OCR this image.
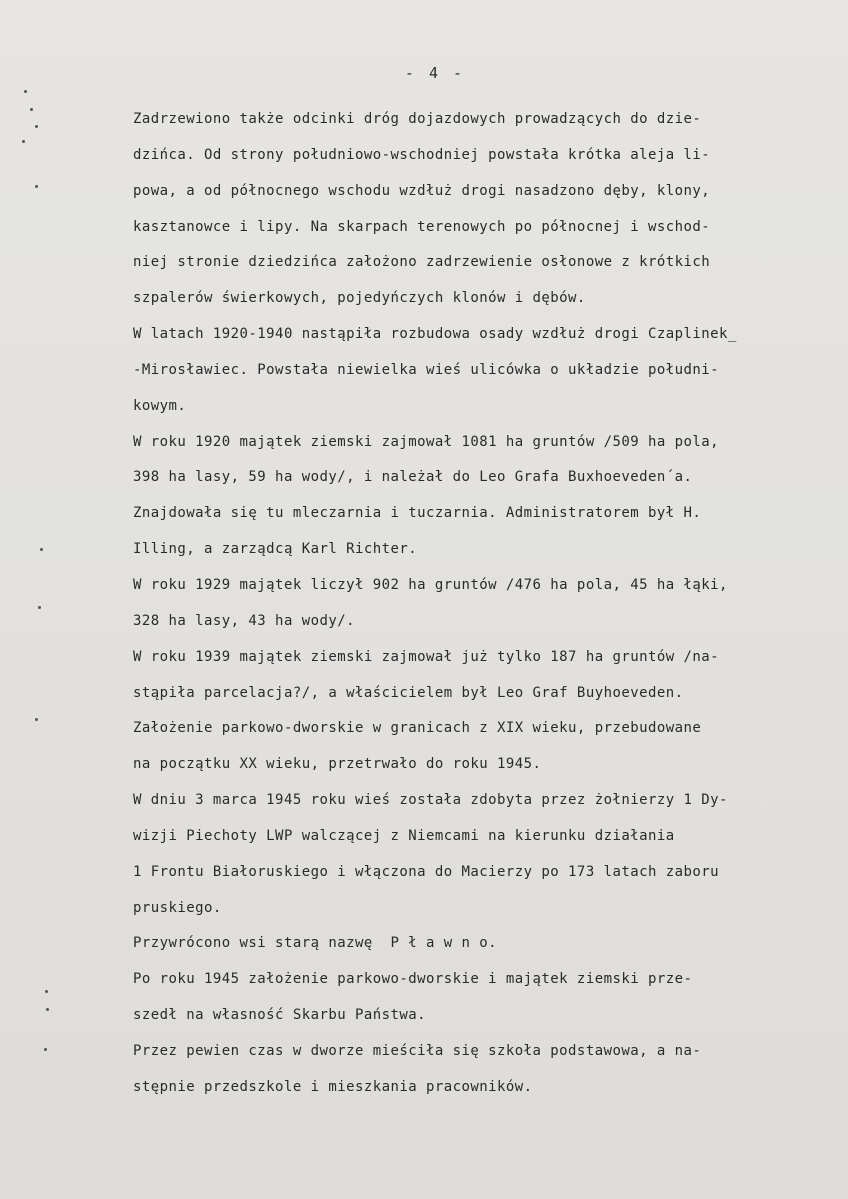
- 4 -
Zadrzewiono także odcinki dróg dojazdowych prowadzących do dzie-
dzińca. Od strony południowo-wschodniej powstała krótka aleja li-
powa, a od północnego wschodu wzdłuż drogi nasadzono dęby, klony,
kasztanowce i lipy. Na skarpach terenowych po północnej i wschod-
niej stronie dziedzińca założono zadrzewienie osłonowe z krótkich
szpalerów świerkowych, pojedyńczych klonów i dębów.
W latach 1920-1940 nastąpiła rozbudowa osady wzdłuż drogi Czaplinek_
-Mirosławiec. Powstała niewielka wieś ulicówka o układzie południ-
kowym.
W roku 1920 majątek ziemski zajmował 1081 ha gruntów /509 ha pola,
398 ha lasy, 59 ha wody/, i należał do Leo Grafa Buxhoeveden´a.
Znajdowała się tu mleczarnia i tuczarnia. Administratorem był H.
Illing, a zarządcą Karl Richter.
W roku 1929 majątek liczył 902 ha gruntów /476 ha pola, 45 ha łąki,
328 ha lasy, 43 ha wody/.
W roku 1939 majątek ziemski zajmował już tylko 187 ha gruntów /na-
stąpiła parcelacja?/, a właścicielem był Leo Graf Buyhoeveden.
Założenie parkowo-dworskie w granicach z XIX wieku, przebudowane
na początku XX wieku, przetrwało do roku 1945.
W dniu 3 marca 1945 roku wieś została zdobyta przez żołnierzy 1 Dy-
wizji Piechoty LWP walczącej z Niemcami na kierunku działania
1 Frontu Białoruskiego i włączona do Macierzy po 173 latach zaboru
pruskiego.
Przywrócono wsi starą nazwę  P ł a w n o.
Po roku 1945 założenie parkowo-dworskie i majątek ziemski prze-
szedł na własność Skarbu Państwa.
Przez pewien czas w dworze mieściła się szkoła podstawowa, a na-
stępnie przedszkole i mieszkania pracowników.
